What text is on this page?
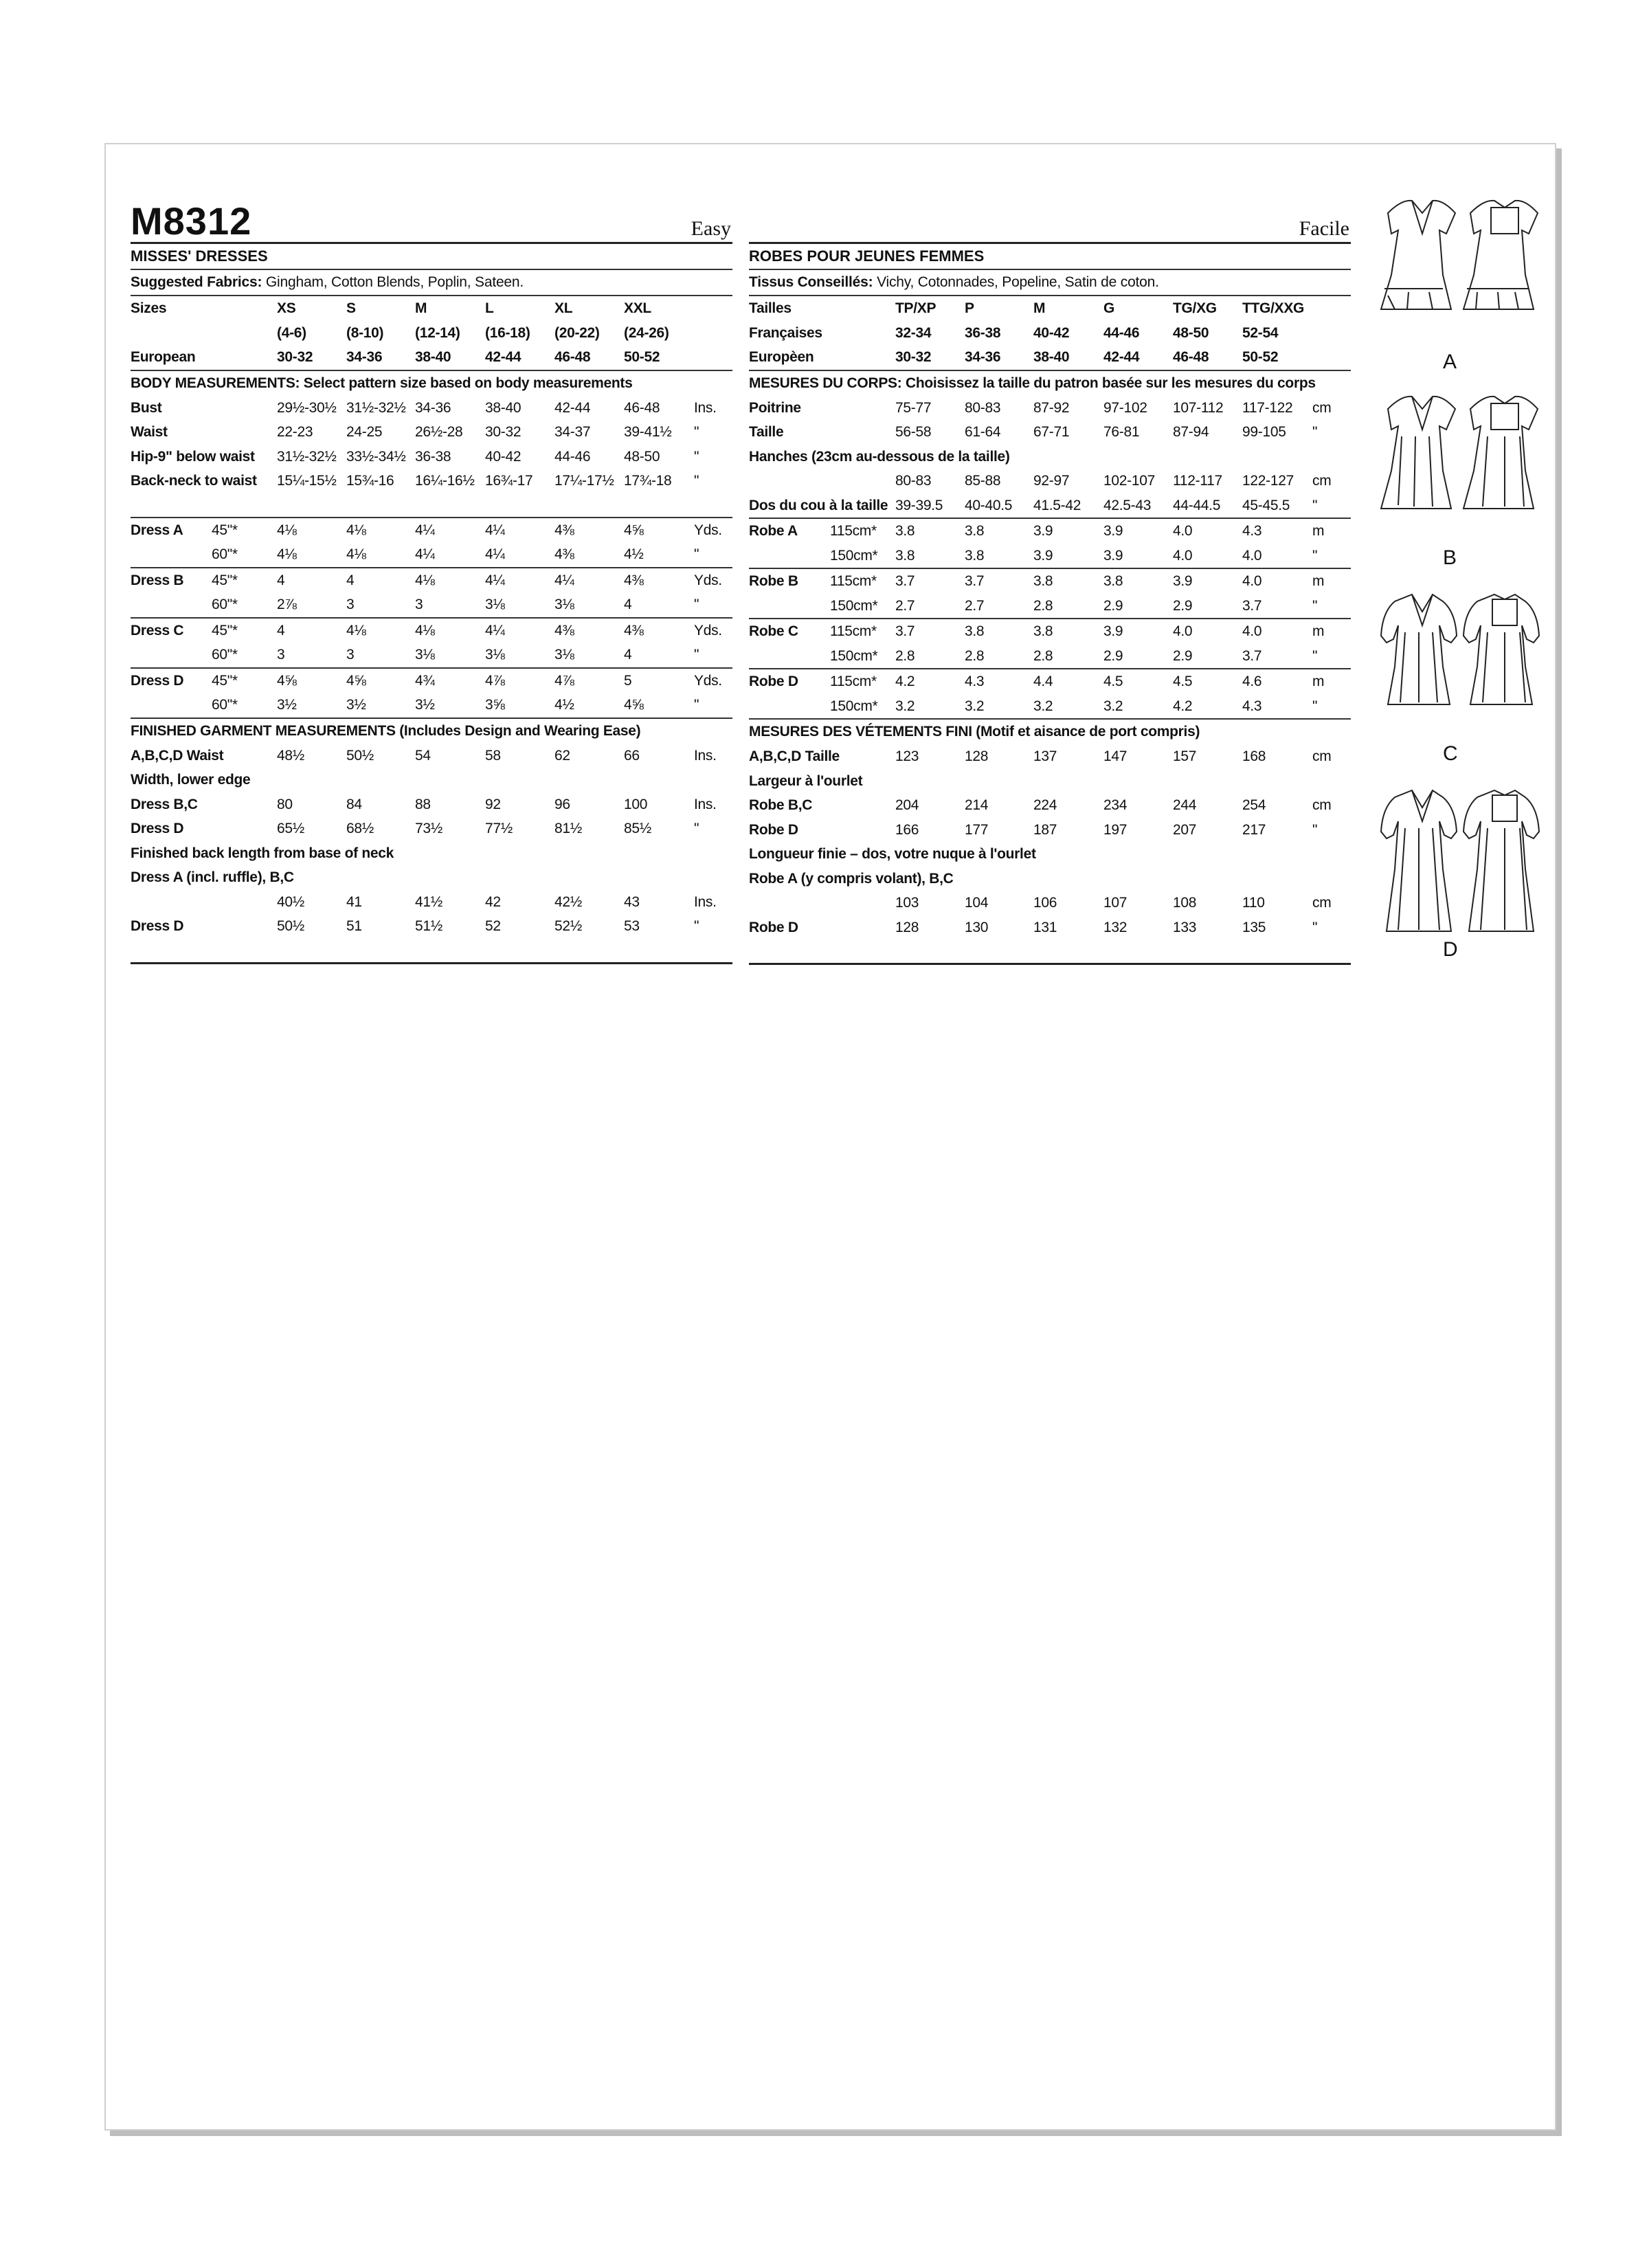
M8312	Easy
MISSES' DRESSES
Suggested Fabrics: Gingham, Cotton Blends, Poplin, Sateen.
Sizes	XS	S	M	L	XL	XXL
(4-6)	(8-10) (12-14) (16-18) (20-22) (24-26)
European	30-32 34-36 38-40 42-44 46-48 50-52
BODY MEASUREMENTS: Select pattern size based on body measurements
Bust	29½-30½ 31½-32½ 34-36 38-40 42-44 46-48 Ins.
Waist	22-23 24-25 26½-28 30-32 34-37 39-41½ "
Hip-9" below waist 31½-32½ 33½-34½ 36-38 40-42 44-46 48-50 "
Back-neck to waist 15¼-15½ 15¾-16 16¼-16½ 16¾-17 17¼-17½ 17¾-18 "
Dress A 45"*	4⅛	4⅛	4¼	4¼	4⅜	4⅝	Yds.
60"*	4⅛	4⅛	4¼	4¼	4⅜	4½	"
Dress B 45"*	4	4	4⅛	4¼	4¼	4⅜	Yds.
60"*	2⅞	3	3	3⅛	3⅛	4	"
Dress C 45"*	4	4⅛	4⅛	4¼	4⅜	4⅜	Yds.
60"*	3	3	3⅛	3⅛	3⅛	4	"
Dress D 45"*	4⅝	4⅝	4¾	4⅞	4⅞	5	Yds.
60"*	3½	3½	3½	3⅝	4½	4⅝	"
FINISHED GARMENT MEASUREMENTS (Includes Design and Wearing Ease)
A,B,C,D Waist	48½	50½	54	58	62	66	Ins.
Width, lower edge
Dress B,C	80	84	88	92	96	100	Ins.
Dress D	65½	68½	73½	77½	81½	85½	"
Finished back length from base of neck
Dress A (incl. ruffle), B,C
40½	41	41½	42	42½	43	Ins.
Dress D	50½	51	51½	52	52½	53	"
Facile
ROBES POUR JEUNES FEMMES
Tissus Conseillés: Vichy, Cotonnades, Popeline, Satin de coton.
Tailles	TP/XP P	M	G	TG/XG TTG/XXG
Françaises	32-34 36-38 40-42 44-46 48-50 52-54
Europèen	30-32 34-36 38-40 42-44 46-48 50-52
MESURES DU CORPS: Choisissez la taille du patron basée sur les mesures du corps
Poitrine	75-77 80-83 87-92 97-102 107-112 117-122 cm
Taille	56-58 61-64 67-71 76-81 87-94 99-105 "
Hanches (23cm au-dessous de la taille)
80-83 85-88 92-97 102-107 112-117 122-127 cm
Dos du cou à la taille 39-39.5 40-40.5 41.5-42 42.5-43 44-44.5 45-45.5 "
Robe A 115cm* 3.8	3.8	3.9	3.9	4.0	4.3	m
150cm* 3.8	3.8	3.9	3.9	4.0	4.0	"
Robe B 115cm* 3.7	3.7	3.8	3.8	3.9	4.0	m
150cm* 2.7	2.7	2.8	2.9	2.9	3.7	"
Robe C 115cm* 3.7	3.8	3.8	3.9	4.0	4.0	m
150cm* 2.8	2.8	2.8	2.9	2.9	3.7	"
Robe D 115cm* 4.2	4.3	4.4	4.5	4.5	4.6	m
150cm* 3.2	3.2	3.2	3.2	4.2	4.3	"
MESURES DES VÉTEMENTS FINI (Motif et aisance de port compris)
A,B,C,D Taille	123	128	137	147	157	168	cm
Largeur à l'ourlet
Robe B,C	204	214	224	234	244	254	cm
Robe D	166	177	187	197	207	217	"
Longueur finie – dos, votre nuque à l'ourlet
Robe A (y compris volant), B,C
103	104	106	107	108	110	cm
Robe D	128	130	131	132	133	135	"
A
B
C
D
